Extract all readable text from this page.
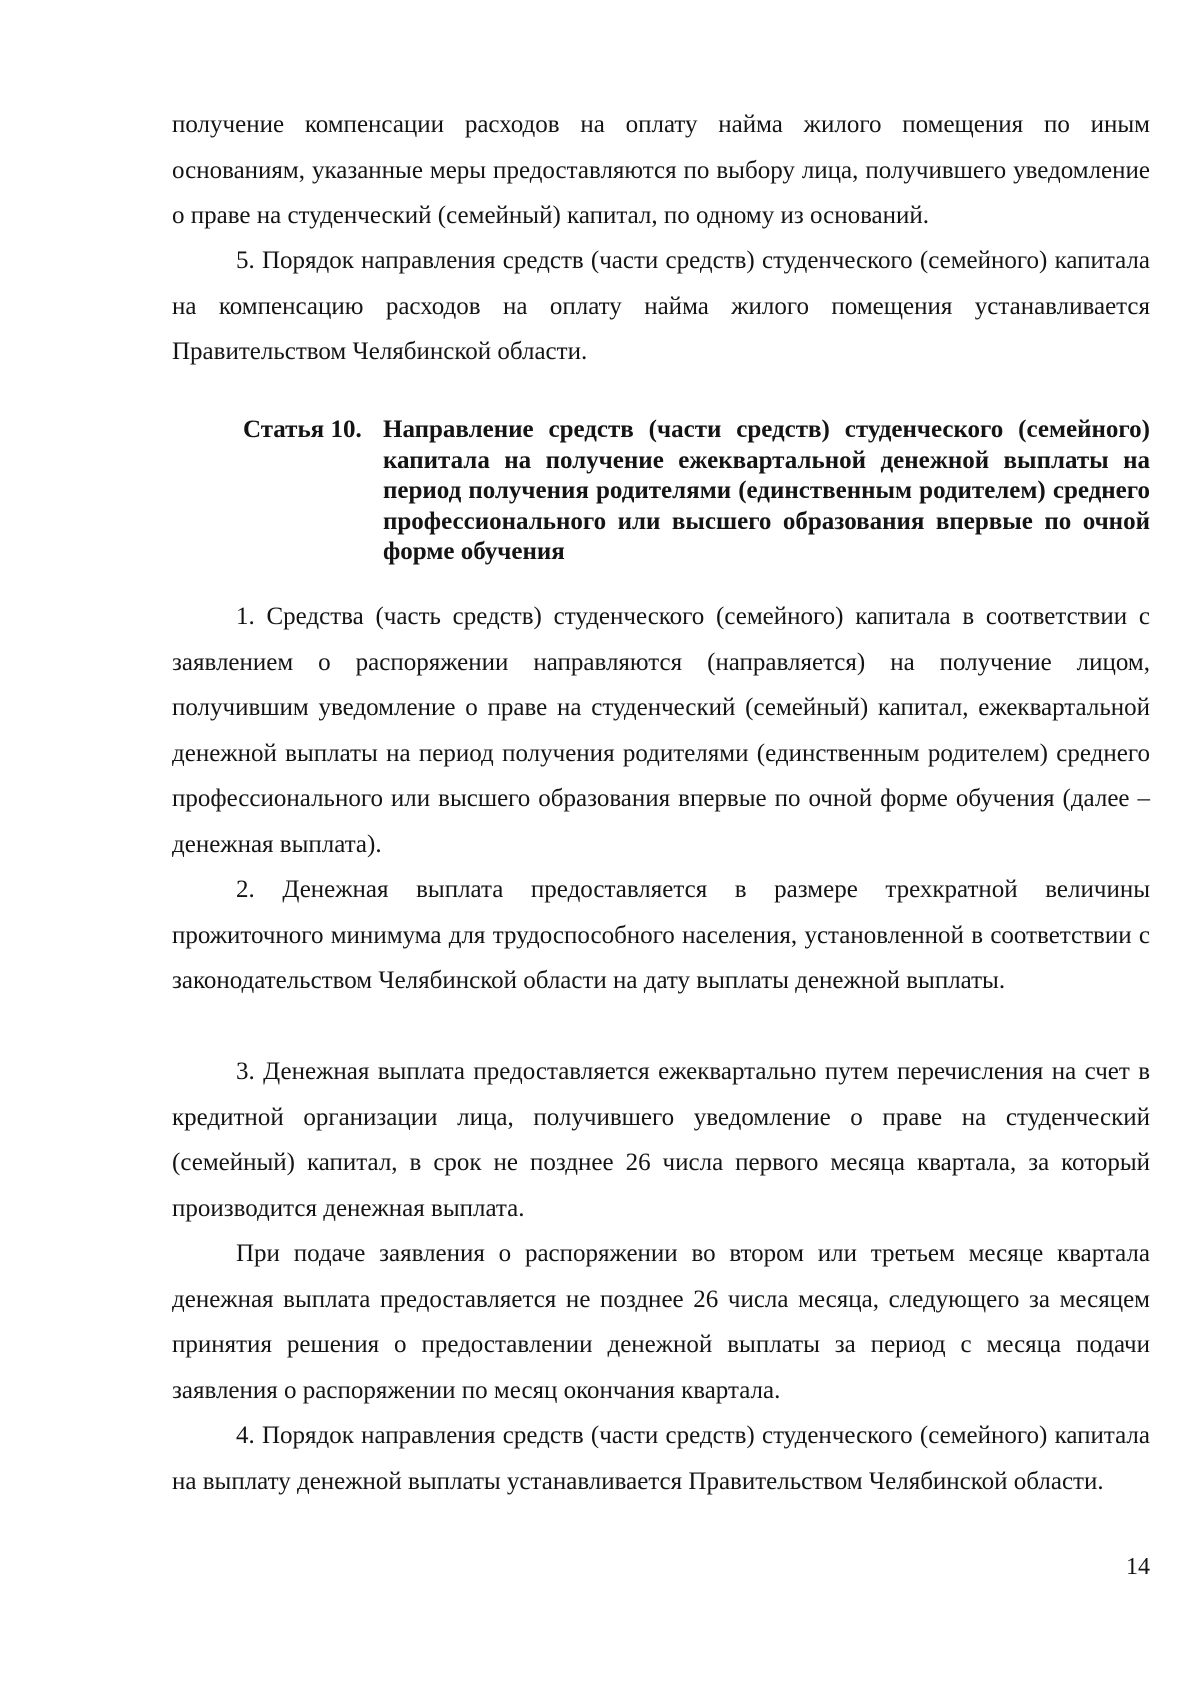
получение компенсации расходов на оплату найма жилого помещения по иным основаниям, указанные меры предоставляются по выбору лица, получившего уведомление о праве на студенческий (семейный) капитал, по одному из оснований.

5. Порядок направления средств (части средств) студенческого (семейного) капитала на компенсацию расходов на оплату найма жилого помещения устанавливается Правительством Челябинской области.

Статья 10. Направление средств (части средств) студенческого (семейного) капитала на получение ежеквартальной денежной выплаты на период получения родителями (единственным родителем) среднего профессионального или высшего образования впервые по очной форме обучения

1. Средства (часть средств) студенческого (семейного) капитала в соответствии с заявлением о распоряжении направляются (направляется) на получение лицом, получившим уведомление о праве на студенческий (семейный) капитал, ежеквартальной денежной выплаты на период получения родителями (единственным родителем) среднего профессионального или высшего образования впервые по очной форме обучения (далее – денежная выплата).

2. Денежная выплата предоставляется в размере трехкратной величины прожиточного минимума для трудоспособного населения, установленной в соответствии с законодательством Челябинской области на дату выплаты денежной выплаты.

3. Денежная выплата предоставляется ежеквартально путем перечисления на счет в кредитной организации лица, получившего уведомление о праве на студенческий (семейный) капитал, в срок не позднее 26 числа первого месяца квартала, за который производится денежная выплата.

При подаче заявления о распоряжении во втором или третьем месяце квартала денежная выплата предоставляется не позднее 26 числа месяца, следующего за месяцем принятия решения о предоставлении денежной выплаты за период с месяца подачи заявления о распоряжении по месяц окончания квартала.

4. Порядок направления средств (части средств) студенческого (семейного) капитала на выплату денежной выплаты устанавливается Правительством Челябинской области.

14
